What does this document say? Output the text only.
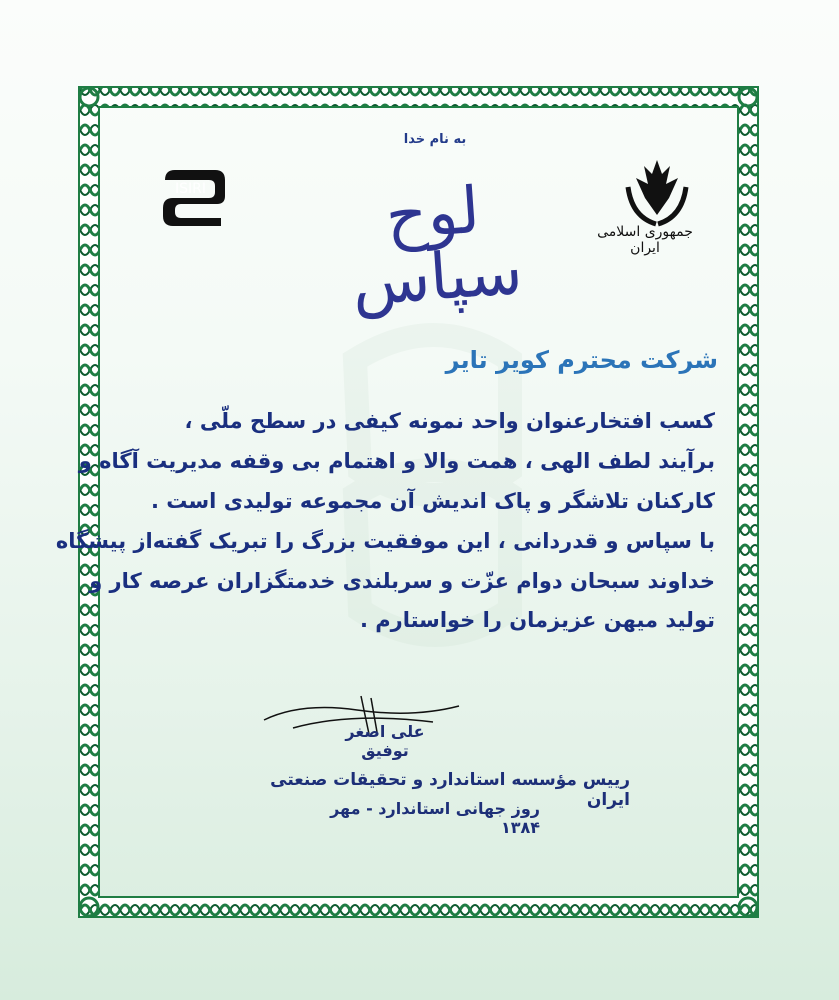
به نام خدا
لوح سپاس
جمهوری اسلامی ایران
ISIRI
شرکت محترم کویر تایر
کسب افتخارعنوان واحد نمونه کیفی در سطح ملّی ،
برآیند لطف الهی ، همت والا و اهتمام بی وقفه مدیریت آگاه و
کارکنان تلاشگر و پاک اندیش آن مجموعه تولیدی است .
با سپاس و قدردانی ، این موفقیت بزرگ را تبریک گفته‌از پیشگاه
خداوند سبحان دوام عزّت و سربلندی خدمتگزاران عرصه کار و
تولید میهن عزیزمان را خواستارم .
علی اصغر توفیق
رییس مؤسسه استاندارد و تحقیقات صنعتی ایران
روز جهانی استاندارد - مهر ۱۳۸۴
